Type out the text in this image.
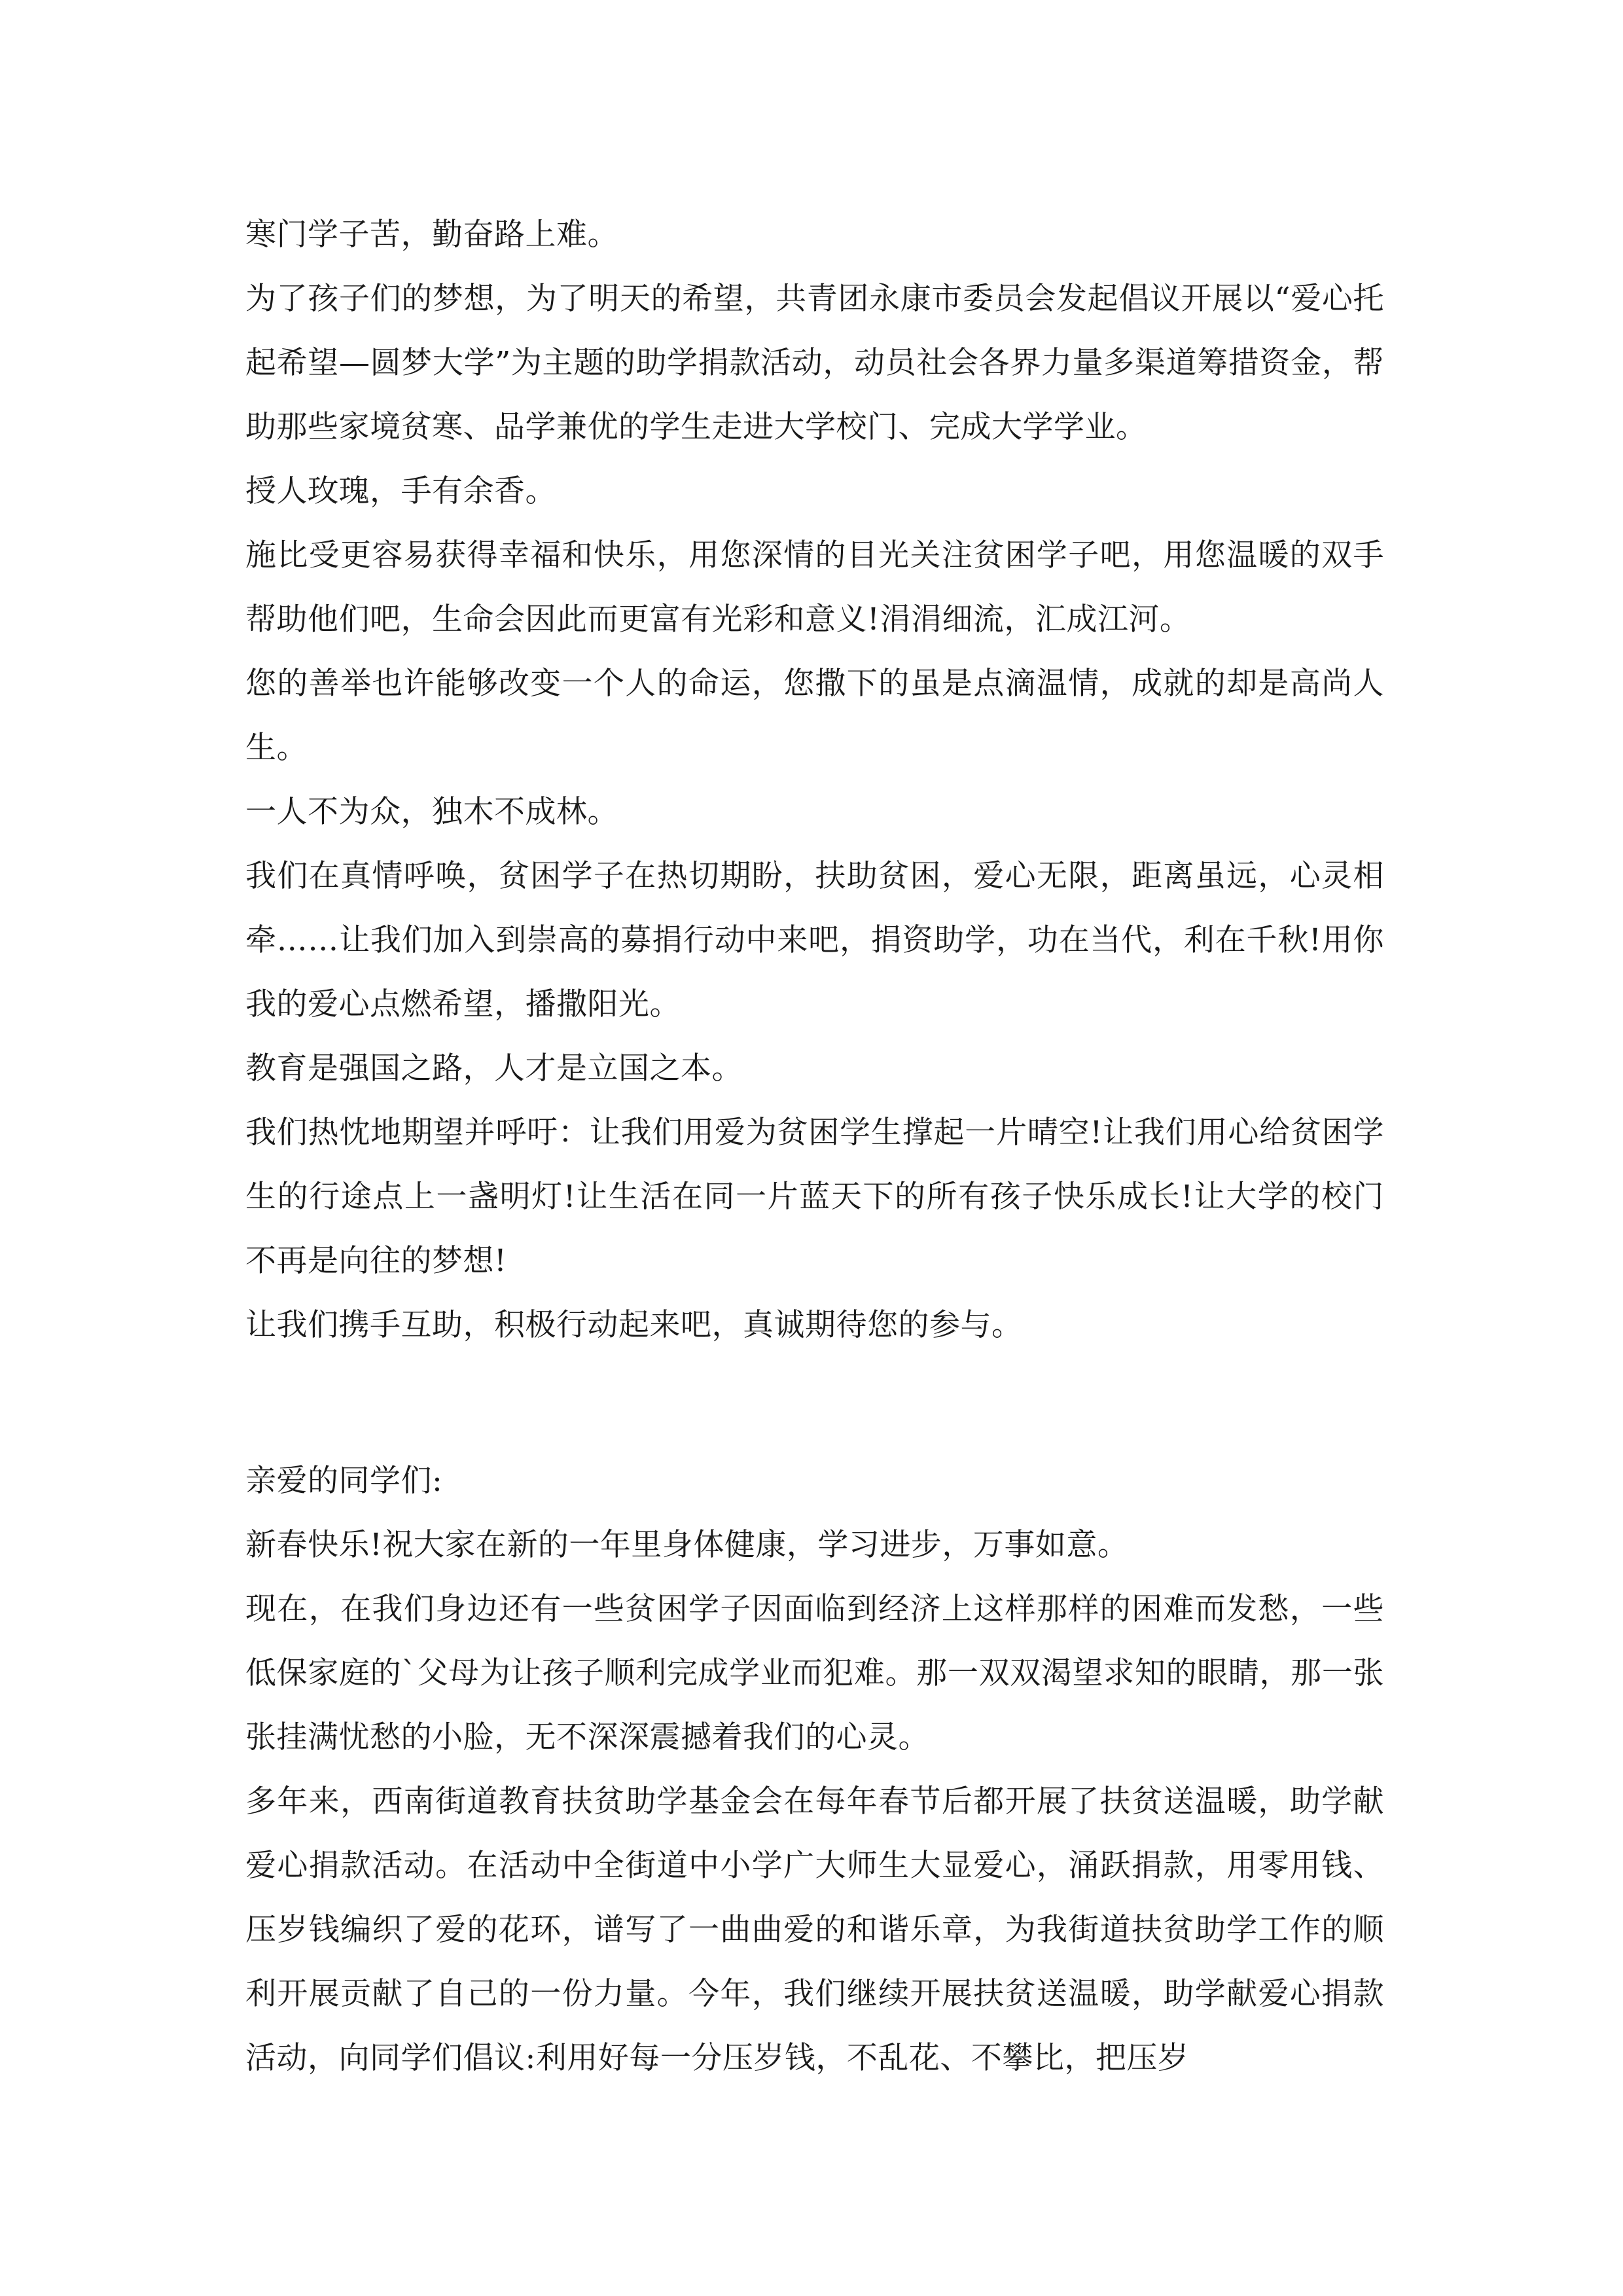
寒门学子苦，勤奋路上难。

为了孩子们的梦想，为了明天的希望，共青团永康市委员会发起倡议开展以“爱心托起希望—圆梦大学”为主题的助学捐款活动，动员社会各界力量多渠道筹措资金，帮助那些家境贫寒、品学兼优的学生走进大学校门、完成大学学业。

授人玫瑰，手有余香。

施比受更容易获得幸福和快乐，用您深情的目光关注贫困学子吧，用您温暖的双手帮助他们吧，生命会因此而更富有光彩和意义!涓涓细流，汇成江河。

您的善举也许能够改变一个人的命运，您撒下的虽是点滴温情，成就的却是高尚人生。

一人不为众，独木不成林。

我们在真情呼唤，贫困学子在热切期盼，扶助贫困，爱心无限，距离虽远，心灵相牵……让我们加入到崇高的募捐行动中来吧，捐资助学，功在当代，利在千秋!用你我的爱心点燃希望，播撒阳光。

教育是强国之路，人才是立国之本。

我们热忱地期望并呼吁：让我们用爱为贫困学生撑起一片晴空!让我们用心给贫困学生的行途点上一盏明灯!让生活在同一片蓝天下的所有孩子快乐成长!让大学的校门不再是向往的梦想!

让我们携手互助，积极行动起来吧，真诚期待您的参与。

亲爱的同学们:

新春快乐!祝大家在新的一年里身体健康，学习进步，万事如意。

现在，在我们身边还有一些贫困学子因面临到经济上这样那样的困难而发愁，一些低保家庭的`父母为让孩子顺利完成学业而犯难。那一双双渴望求知的眼睛，那一张张挂满忧愁的小脸，无不深深震撼着我们的心灵。

多年来，西南街道教育扶贫助学基金会在每年春节后都开展了扶贫送温暖，助学献爱心捐款活动。在活动中全街道中小学广大师生大显爱心，涌跃捐款，用零用钱、压岁钱编织了爱的花环，谱写了一曲曲爱的和谐乐章，为我街道扶贫助学工作的顺利开展贡献了自己的一份力量。今年，我们继续开展扶贫送温暖，助学献爱心捐款活动，向同学们倡议:利用好每一分压岁钱，不乱花、不攀比，把压岁
